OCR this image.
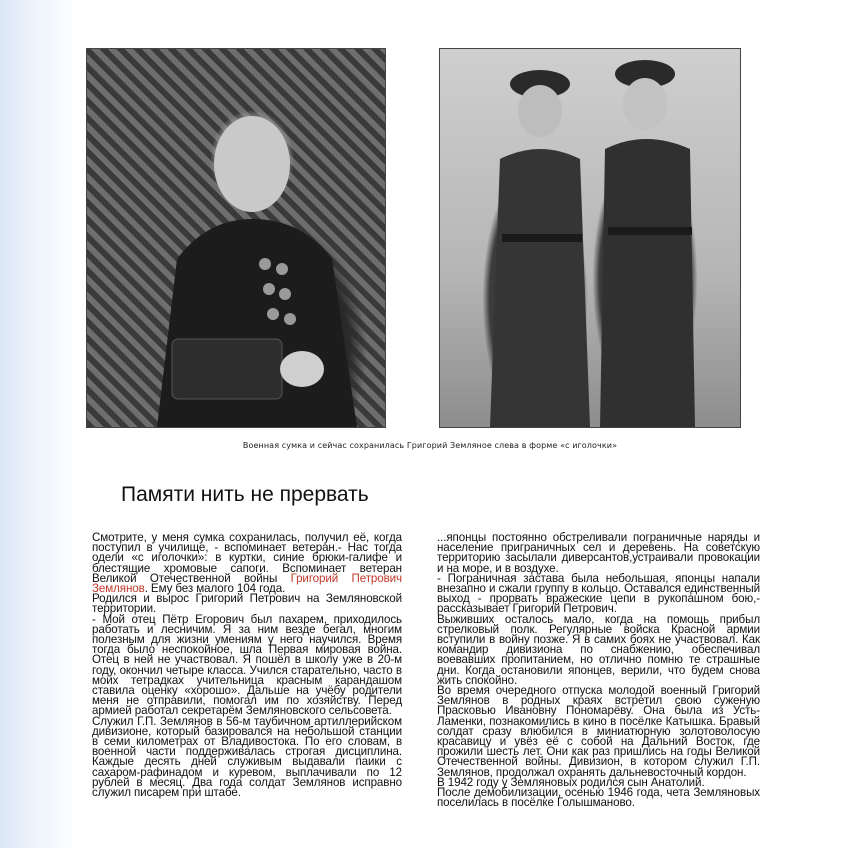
Военная сумка и сейчас сохранилась Григорий Земляное слева в форме «с иголочки»
Памяти нить не прервать

Смотрите, у меня сумка сохранилась, получил её, когда поступил в училище, - вспоминает ветеран.- Нас тогда одели «с иголочки»: в куртки, синие брюки-галифе и блестящие хромовые сапоги. Вспоминает ветеран Великой Отечественной войны Григорий Петрович Землянов. Ему без малого 104 года.

Родился и вырос Григорий Петрович на Земляновской территории.

- Мой отец Пётр Егорович был пахарем, приходилось работать и лесничим. Я за ним везде бегал, многим полезным для жизни умениям у него научился. Время тогда было неспокойное, шла Первая мировая война. Отец в ней не участвовал. Я пошёл в школу уже в 20-м году, окончил четыре класса. Учился старательно, часто в моих тетрадках учительница красным карандашом ставила оценку «хорошо». Дальше на учёбу родители меня не отправили, помогал им по хозяйству. Перед армией работал секретарём Земляновского сельсовета.

Служил Г.П. Землянов в 56-м таубичном артиллерийском дивизионе, который базировался на небольшой станции в семи километрах от Владивостока. По его словам, в военной части поддерживалась строгая дисциплина. Каждые десять дней служивым выдавали паики с сахаром-рафинадом и куревом, выплачивали по 12 рублей в месяц. Два года солдат Землянов исправно служил писарем при штабе.

...японцы постоянно обстреливали пограничные наряды и население приграничных сел и деревень. На советскую территорию засылали диверсантов,устраивали провокации и на море, и в воздухе.

- Пограничная застава была небольшая, японцы напали внезапно и сжали группу в кольцо. Оставался единственный выход - прорвать вражеские цепи в рукопашном бою,- рассказывает Григорий Петрович.

Выживших осталось мало, когда на помощь прибыл стрелковый полк. Регулярные войска Красной армии вступили в войну позже. Я в самих боях не участвовал. Как командир дивизиона по снабжению, обеспечивал воевавших пропитанием, но отлично помню те страшные дни. Когда остановили японцев, верили, что будем снова жить спокойно.

Во время очередного отпуска молодой военный Григорий Землянов в родных краях встретил свою суженую Прасковью Ивановну Пономарёву. Она была из Усть-Ламенки, познакомились в кино в посёлке Катышка. Бравый солдат сразу влюбился в миниатюрную золотоволосую красавицу и увёз её с собой на Дальний Восток, где прожили шесть лет. Они как раз пришлись на годы Великой Отечественной войны. Дивизион, в котором служил Г.П. Землянов, продолжал охранять дальневосточный кордон.

В 1942 году у Земляновых родился сын Анатолий.

После демобилизации, осенью 1946 года, чета Земляновых поселилась в посёлке Голышманово.
